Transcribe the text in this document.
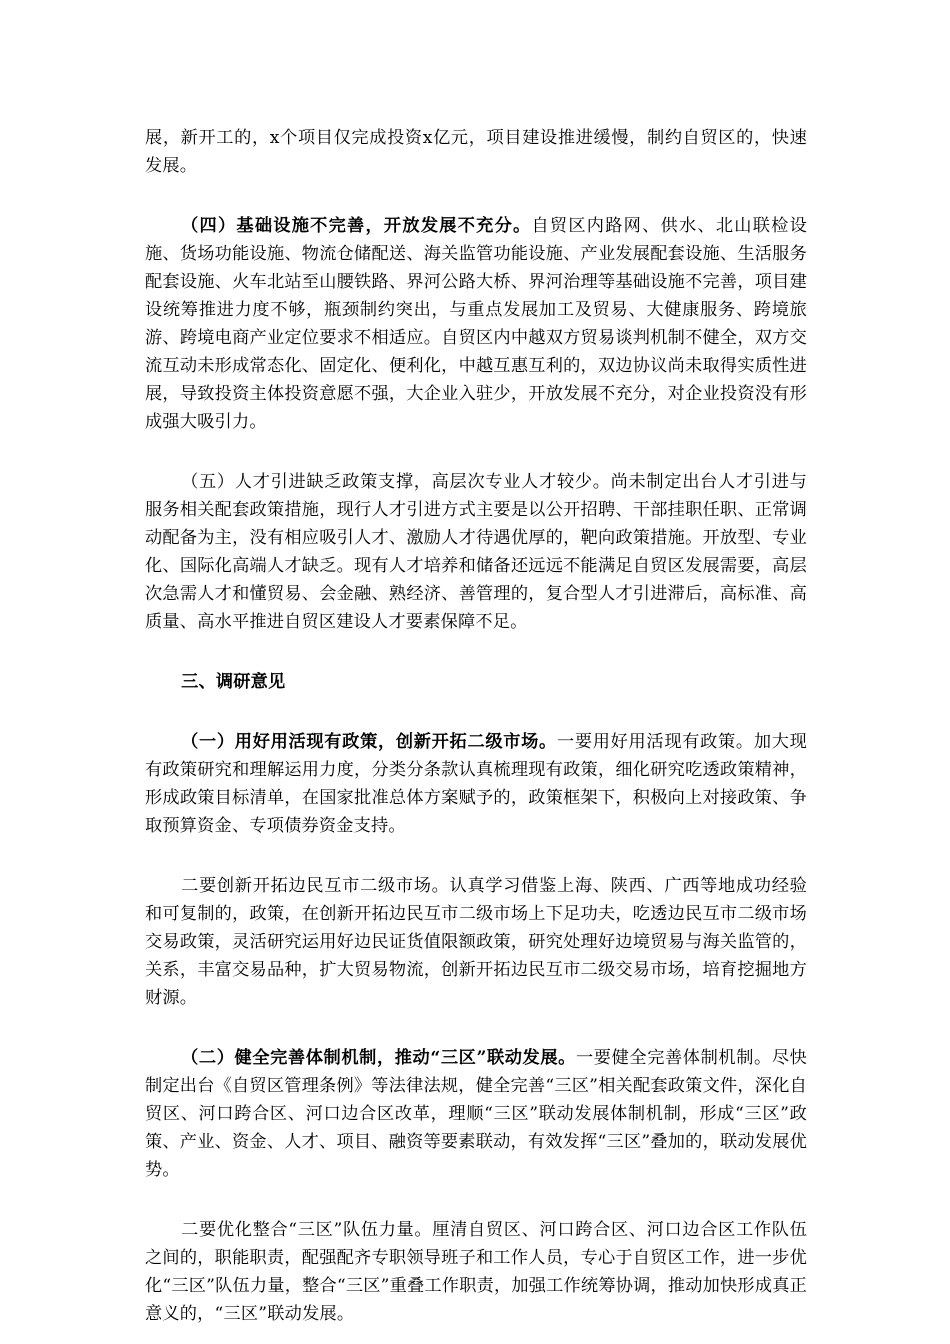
展，新开工的，x个项目仅完成投资x亿元，项目建设推进缓慢，制约自贸区的，快速发展。

（四）基础设施不完善，开放发展不充分。自贸区内路网、供水、北山联检设施、货场功能设施、物流仓储配送、海关监管功能设施、产业发展配套设施、生活服务配套设施、火车北站至山腰铁路、界河公路大桥、界河治理等基础设施不完善，项目建设统筹推进力度不够，瓶颈制约突出，与重点发展加工及贸易、大健康服务、跨境旅游、跨境电商产业定位要求不相适应。自贸区内中越双方贸易谈判机制不健全，双方交流互动未形成常态化、固定化、便利化，中越互惠互利的，双边协议尚未取得实质性进展，导致投资主体投资意愿不强，大企业入驻少，开放发展不充分，对企业投资没有形成强大吸引力。

（五）人才引进缺乏政策支撑，高层次专业人才较少。尚未制定出台人才引进与服务相关配套政策措施，现行人才引进方式主要是以公开招聘、干部挂职任职、正常调动配备为主，没有相应吸引人才、激励人才待遇优厚的，靶向政策措施。开放型、专业化、国际化高端人才缺乏。现有人才培养和储备还远远不能满足自贸区发展需要，高层次急需人才和懂贸易、会金融、熟经济、善管理的，复合型人才引进滞后，高标准、高质量、高水平推进自贸区建设人才要素保障不足。

三、调研意见

（一）用好用活现有政策，创新开拓二级市场。一要用好用活现有政策。加大现有政策研究和理解运用力度，分类分条款认真梳理现有政策，细化研究吃透政策精神，形成政策目标清单，在国家批准总体方案赋予的，政策框架下，积极向上对接政策、争取预算资金、专项债券资金支持。

二要创新开拓边民互市二级市场。认真学习借鉴上海、陕西、广西等地成功经验和可复制的，政策，在创新开拓边民互市二级市场上下足功夫，吃透边民互市二级市场交易政策，灵活研究运用好边民证货值限额政策，研究处理好边境贸易与海关监管的，关系，丰富交易品种，扩大贸易物流，创新开拓边民互市二级交易市场，培育挖掘地方财源。

（二）健全完善体制机制，推动“三区”联动发展。一要健全完善体制机制。尽快制定出台《自贸区管理条例》等法律法规，健全完善“三区”相关配套政策文件，深化自贸区、河口跨合区、河口边合区改革，理顺“三区”联动发展体制机制，形成“三区”政策、产业、资金、人才、项目、融资等要素联动，有效发挥“三区”叠加的，联动发展优势。

二要优化整合“三区”队伍力量。厘清自贸区、河口跨合区、河口边合区工作队伍之间的，职能职责，配强配齐专职领导班子和工作人员，专心于自贸区工作，进一步优化“三区”队伍力量，整合“三区”重叠工作职责，加强工作统筹协调，推动加快形成真正意义的，“三区”联动发展。
